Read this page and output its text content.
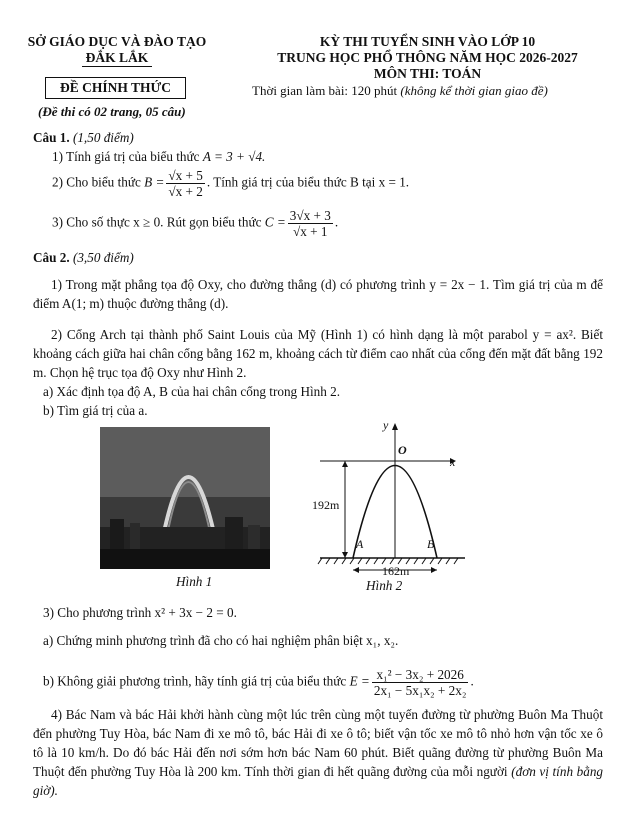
SỞ GIÁO DỤC VÀ ĐÀO TẠO
ĐẮK LẮK
ĐỀ CHÍNH THỨC
(Đề thi có 02 trang, 05 câu)
KỲ THI TUYỂN SINH VÀO LỚP 10
TRUNG HỌC PHỔ THÔNG NĂM HỌC 2026-2027
MÔN THI: TOÁN
Thời gian làm bài: 120 phút (không kể thời gian giao đề)
Câu 1. (1,50 điểm)
1) Tính giá trị của biểu thức A = 3 + √4.
2) Cho biểu thức $B = \frac{√x + 5}{√x + 2}$ . Tính giá trị của biểu thức B tại x = 1.
3) Cho số thực x ≥ 0. Rút gọn biểu thức $C = \frac{3√x + 3}{√x + 1}$ .
Câu 2. (3,50 điểm)
1) Trong mặt phẳng tọa độ Oxy, cho đường thẳng (d) có phương trình y = 2x − 1. Tìm giá trị của m để điểm A(1; m) thuộc đường thẳng (d).
2) Cổng Arch tại thành phố Saint Louis của Mỹ (Hình 1) có hình dạng là một parabol y = ax². Biết khoảng cách giữa hai chân cổng bằng 162 m, khoảng cách từ điểm cao nhất của cổng đến mặt đất bằng 192 m. Chọn hệ trục tọa độ Oxy như Hình 2.
a) Xác định tọa độ A, B của hai chân cổng trong Hình 2.
b) Tìm giá trị của a.
Hình 1
192m
162m
y
x
O
A	B
Hình 2
3) Cho phương trình x² + 3x − 2 = 0.
a) Chứng minh phương trình đã cho có hai nghiệm phân biệt x₁, x₂.
b) Không giải phương trình, hãy tính giá trị của biểu thức $E = \frac{\text{x₁² − 3x₂ + 2026}}{\text{2x₁ − 5x₁x₂ + 2x₂}}$ .
4) Bác Nam và bác Hải khởi hành cùng một lúc trên cùng một tuyến đường từ phường Buôn Ma Thuột đến phường Tuy Hòa, bác Nam đi xe mô tô, bác Hải đi xe ô tô; biết vận tốc xe mô tô nhỏ hơn vận tốc xe ô tô là 10 km/h. Do đó bác Hải đến nơi sớm hơn bác Nam 60 phút. Biết quãng đường từ phường Buôn Ma Thuột đến phường Tuy Hòa là 200 km. Tính thời gian đi hết quãng đường của mỗi người (đơn vị tính bằng giờ).
